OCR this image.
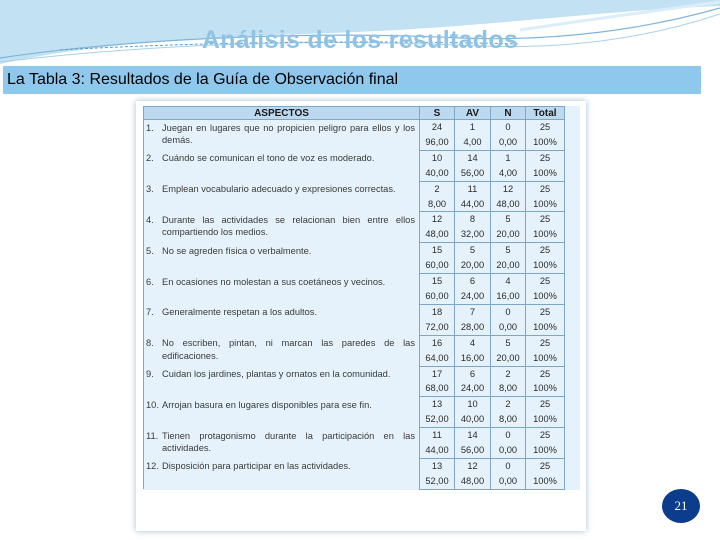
Análisis de los resultados
La Tabla 3: Resultados de la Guía de Observación final
ASPECTOS	S	AV	N	Total

1. Juegan en lugares que no propicien peligro para ellos y los demás.	24	1	0	25
	96,00	4,00	0,00	100%

2. Cuándo se comunican el tono de voz es moderado.	10	14	1	25
	40,00	56,00	4,00	100%

3. Emplean vocabulario adecuado y expresiones correctas.	2	11	12	25
	8,00	44,00	48,00	100%

4. Durante las actividades se relacionan bien entre ellos compartiendo los medios.	12	8	5	25
	48,00	32,00	20,00	100%

5. No se agreden física o verbalmente.	15	5	5	25
	60,00	20,00	20,00	100%

6. En ocasiones no molestan a sus coetáneos y vecinos.	15	6	4	25
	60,00	24,00	16,00	100%

7. Generalmente respetan a los adultos.	18	7	0	25
	72,00	28,00	0,00	100%

8. No escriben, pintan, ni marcan las paredes de las edificaciones.	16	4	5	25
	64,00	16,00	20,00	100%

9. Cuidan los jardines, plantas y ornatos en la comunidad.	17	6	2	25
	68,00	24,00	8,00	100%

10. Arrojan basura en lugares disponibles para ese fin.	13	10	2	25
	52,00	40,00	8,00	100%

11. Tienen protagonismo durante la participación en las actividades.	11	14	0	25
	44,00	56,00	0,00	100%

12. Disposición para participar en las actividades.	13	12	0	25
	52,00	48,00	0,00	100%
21
